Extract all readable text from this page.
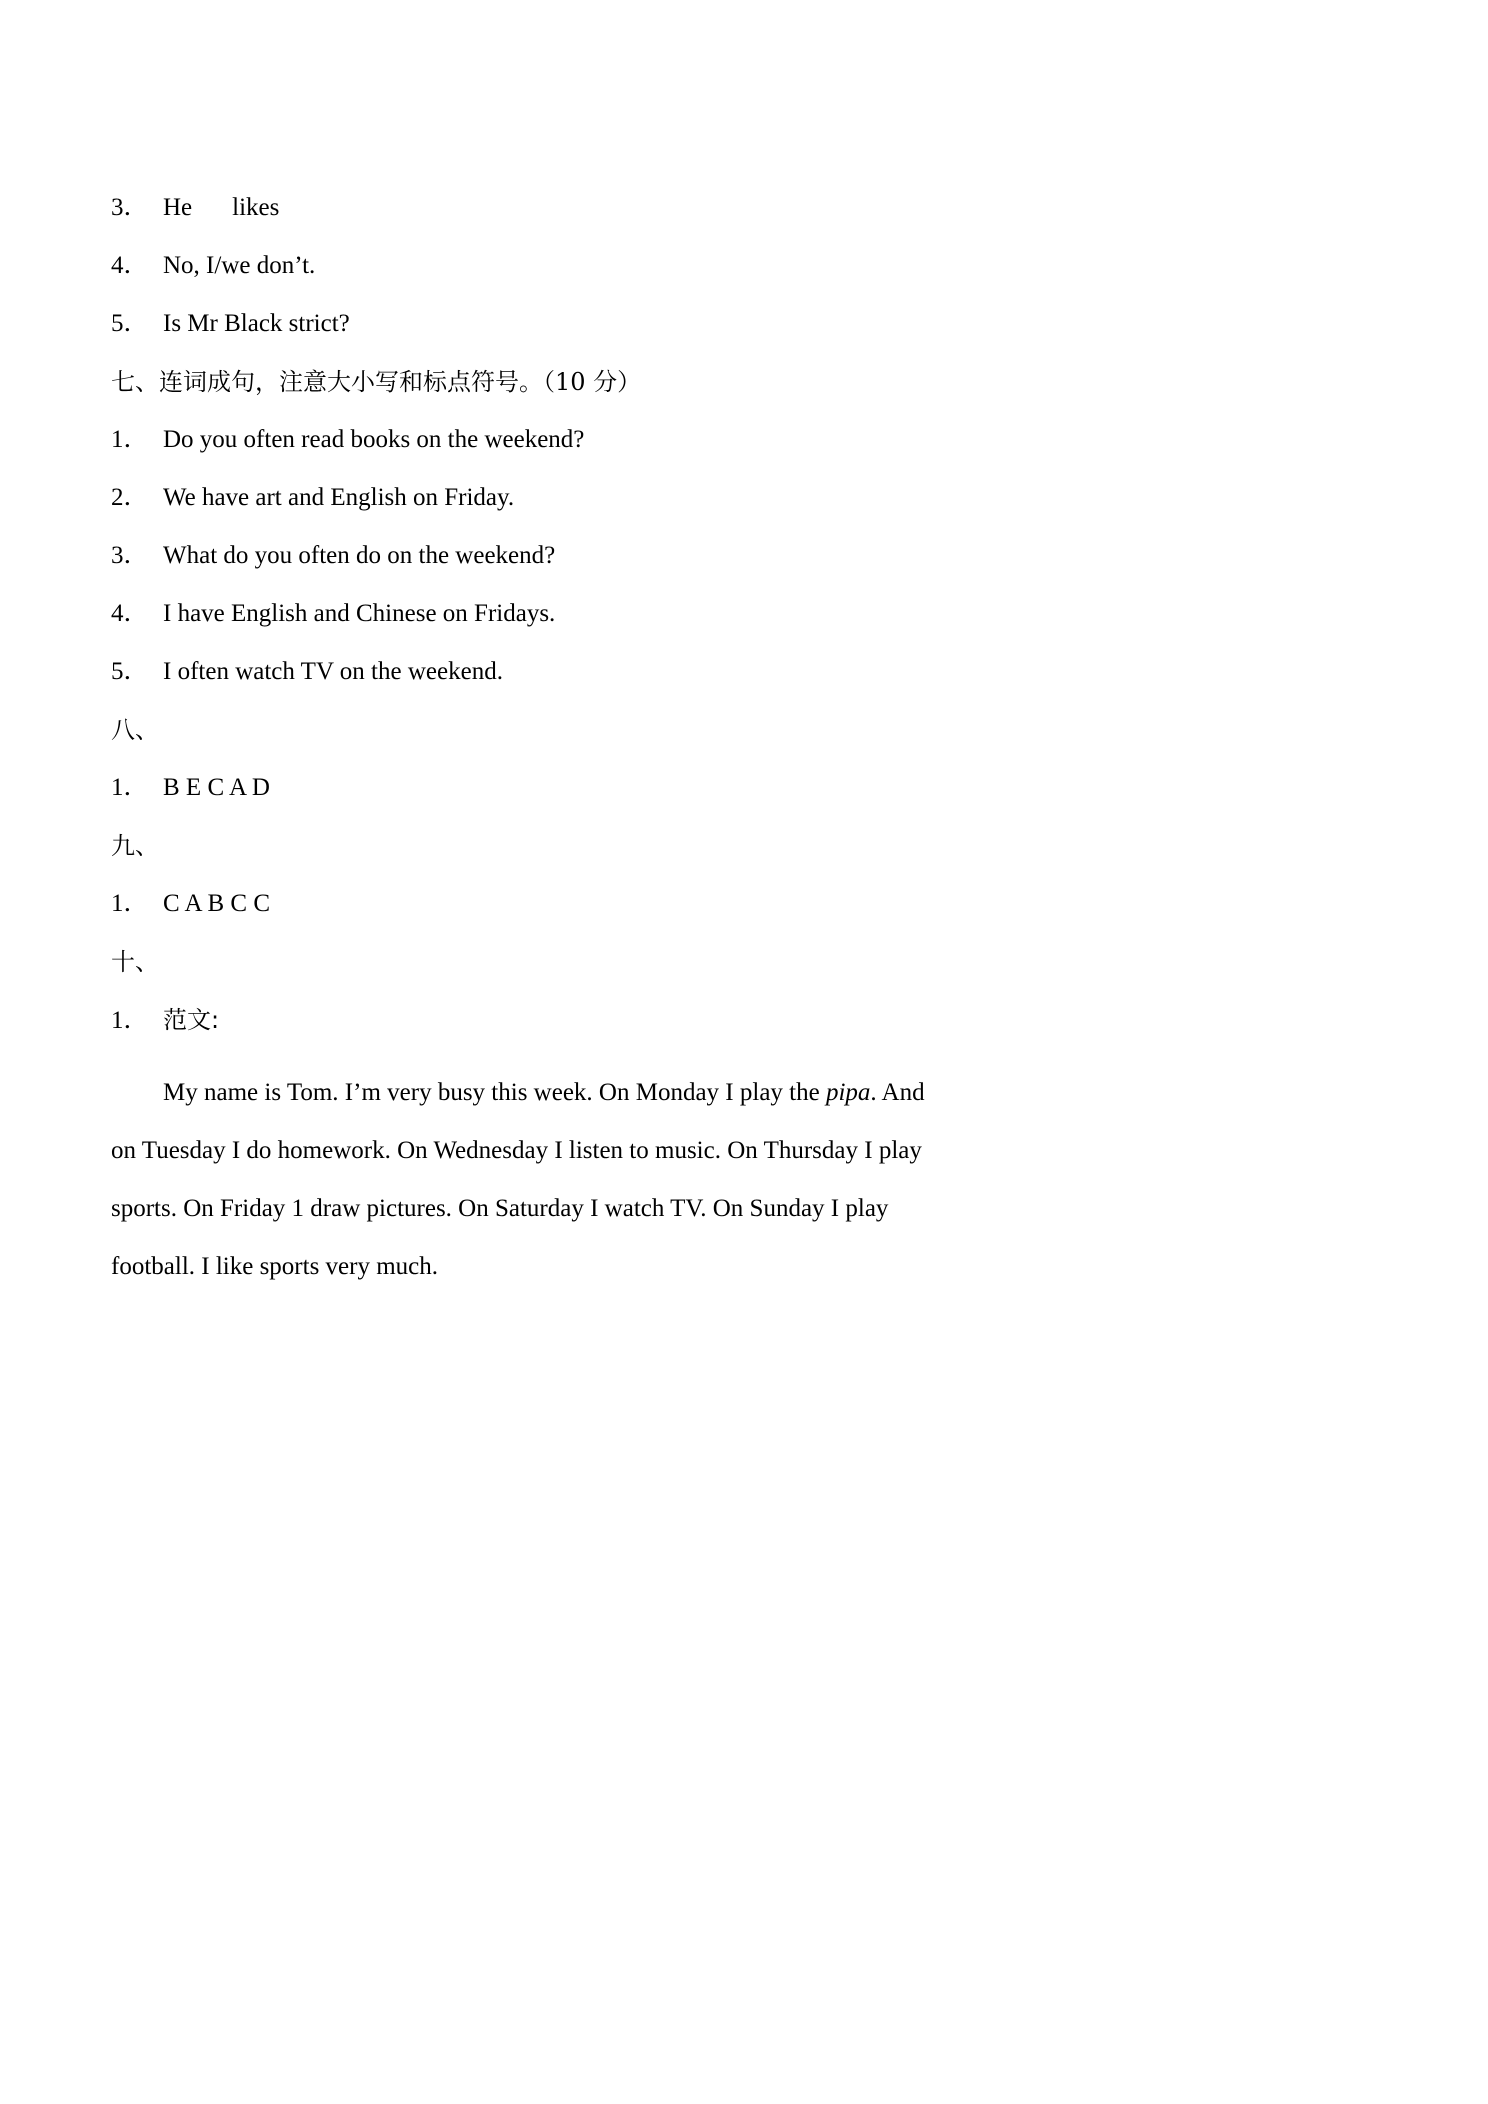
3． He likes
4． No, I/we don’t.
5． Is Mr Black strict?
七、连词成句，注意大小写和标点符号。（10 分）
1． Do you often read books on the weekend?
2． We have art and English on Friday.
3． What do you often do on the weekend?
4． I have English and Chinese on Fridays.
5． I often watch TV on the weekend.
八、
1． B E C A D
九、
1． C A B C C
十、
1． 范文:
My name is Tom. I’m very busy this week. On Monday I play the pipa. And on Tuesday I do homework. On Wednesday I listen to music. On Thursday I play sports. On Friday 1 draw pictures. On Saturday I watch TV. On Sunday I play football. I like sports very much.
